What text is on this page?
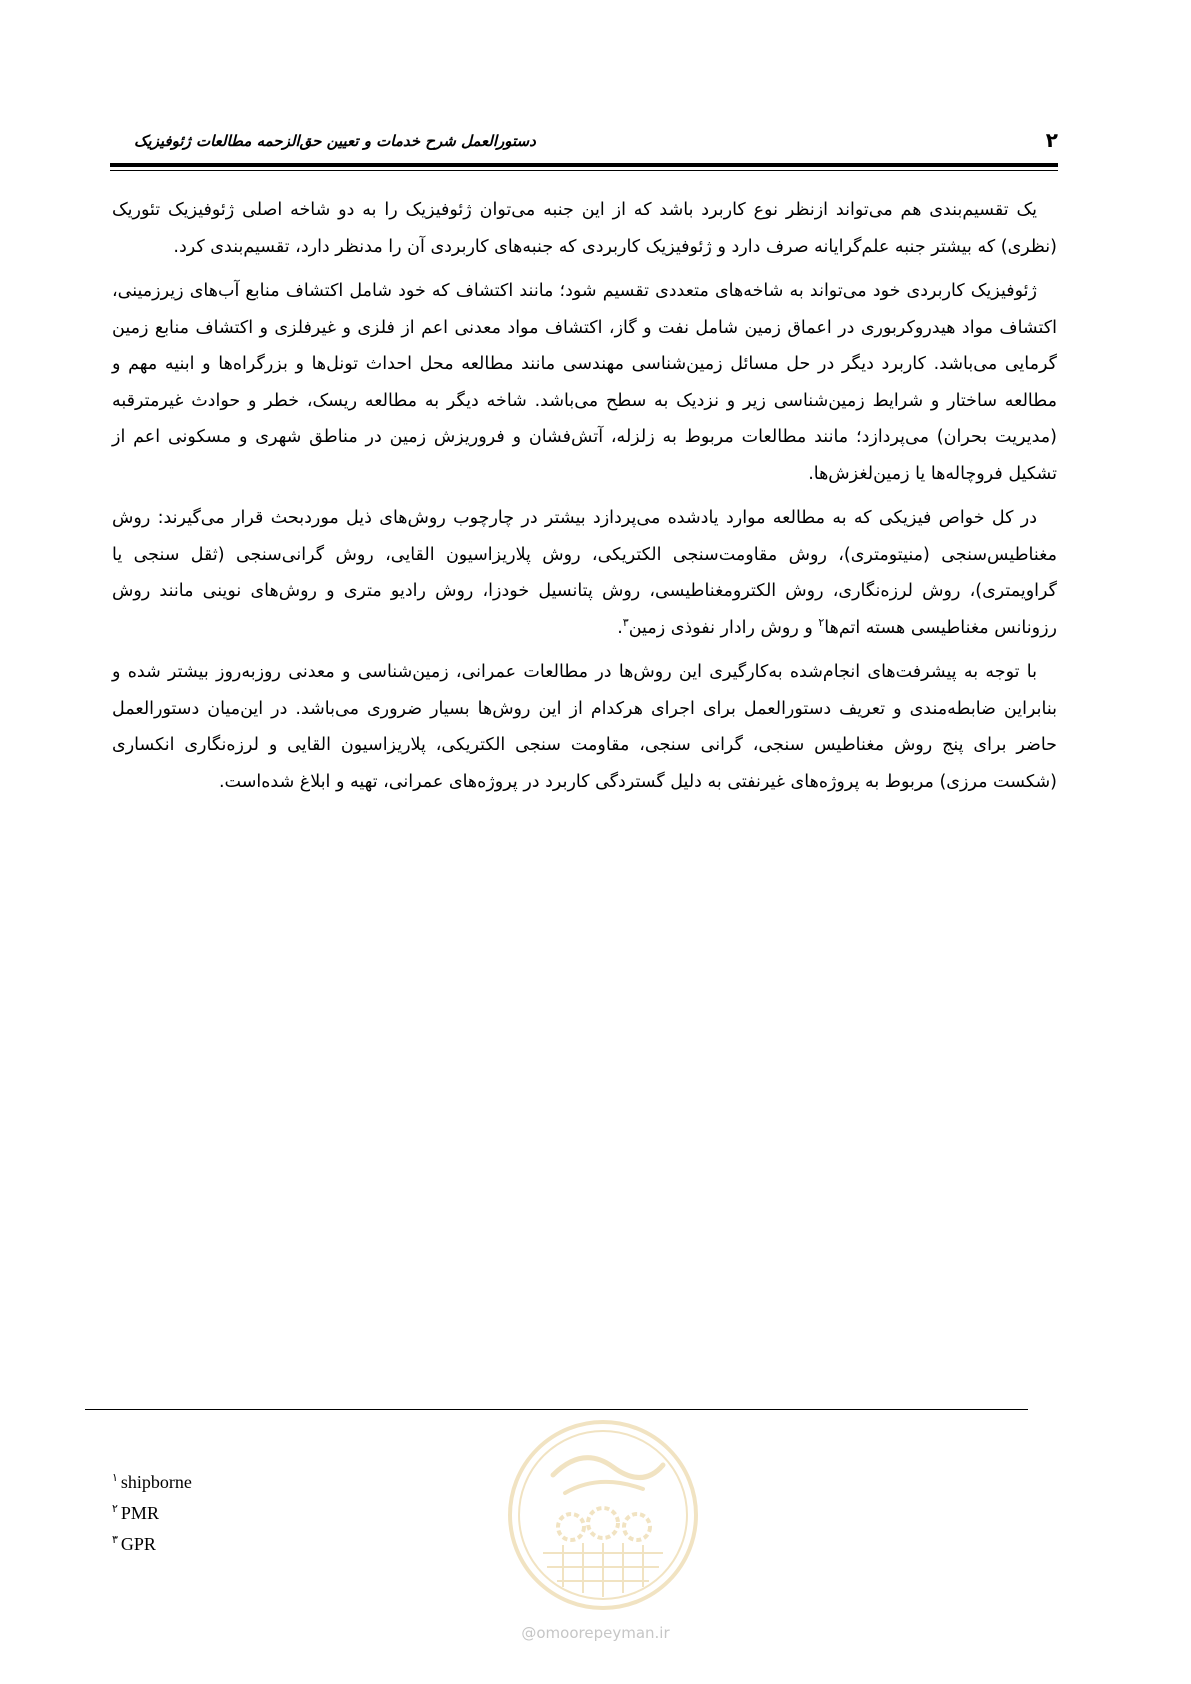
۲
دستورالعمل شرح خدمات و تعیین حق‌الزحمه مطالعات ژئوفیزیک

یک تقسیم‌بندی هم می‌تواند ازنظر نوع کاربرد باشد که از این جنبه می‌توان ژئوفیزیک را به دو شاخه اصلی ژئوفیزیک تئوریک (نظری) که بیشتر جنبه علم‌گرایانه صرف دارد و ژئوفیزیک کاربردی که جنبه‌های کاربردی آن را مدنظر دارد، تقسیم‌بندی کرد.

ژئوفیزیک کاربردی خود می‌تواند به شاخه‌های متعددی تقسیم شود؛ مانند اکتشاف که خود شامل اکتشاف منابع آب‌های زیرزمینی، اکتشاف مواد هیدروکربوری در اعماق زمین شامل نفت و گاز، اکتشاف مواد معدنی اعم از فلزی و غیرفلزی و اکتشاف منابع زمین گرمایی می‌باشد. کاربرد دیگر در حل مسائل زمین‌شناسی مهندسی مانند مطالعه محل احداث تونل‌ها و بزرگراه‌ها و ابنیه مهم و مطالعه ساختار و شرایط زمین‌شناسی زیر و نزدیک به سطح می‌باشد. شاخه دیگر به مطالعه ریسک، خطر و حوادث غیرمترقبه (مدیریت بحران) می‌پردازد؛ مانند مطالعات مربوط به زلزله، آتش‌فشان و فروریزش زمین در مناطق شهری و مسکونی اعم از تشکیل فروچاله‌ها یا زمین‌لغزش‌ها.

در کل خواص فیزیکی که به مطالعه موارد یادشده می‌پردازد بیشتر در چارچوب روش‌های ذیل موردبحث قرار می‌گیرند: روش مغناطیس‌سنجی (منیتومتری)، روش مقاومت‌سنجی الکتریکی، روش پلاریزاسیون القایی، روش گرانی‌سنجی (ثقل سنجی یا گراویمتری)، روش لرزه‌نگاری، روش الکترومغناطیسی، روش پتانسیل خودزا، روش رادیو متری و روش‌های نوینی مانند روش رزونانس مغناطیسی هسته اتم‌ها$^۲$ و روش رادار نفوذی زمین$^۳$.

با توجه به پیشرفت‌های انجام‌شده به‌کارگیری این روش‌ها در مطالعات عمرانی، زمین‌شناسی و معدنی روزبه‌روز بیشتر شده و بنابراین ضابطه‌مندی و تعریف دستورالعمل برای اجرای هرکدام از این روش‌ها بسیار ضروری می‌باشد. در این‌میان دستورالعمل حاضر برای پنج روش مغناطیس سنجی، گرانی سنجی، مقاومت سنجی الکتریکی، پلاریزاسیون القایی و لرزه‌نگاری انکساری (شکست مرزی) مربوط به پروژه‌های غیرنفتی به دلیل گستردگی کاربرد در پروژه‌های عمرانی، تهیه و ابلاغ شده‌است.

$^۱$ shipborne
$^۲$ PMR
$^۳$ GPR
@omoorepeyman.ir
